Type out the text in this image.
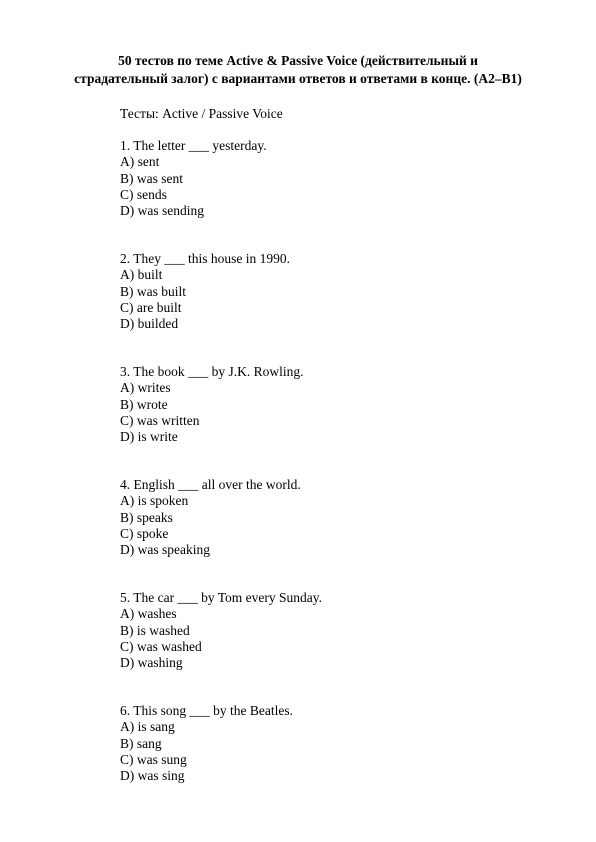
50 тестов по теме Active & Passive Voice (действительный и
страдательный залог) с вариантами ответов и ответами в конце. (A2–B1)
Тесты: Active / Passive Voice
1. The letter ___ yesterday.
A) sent
B) was sent
C) sends
D) was sending
2. They ___ this house in 1990.
A) built
B) was built
C) are built
D) builded
3. The book ___ by J.K. Rowling.
A) writes
B) wrote
C) was written
D) is write
4. English ___ all over the world.
A) is spoken
B) speaks
C) spoke
D) was speaking
5. The car ___ by Tom every Sunday.
A) washes
B) is washed
C) was washed
D) washing
6. This song ___ by the Beatles.
A) is sang
B) sang
C) was sung
D) was sing
